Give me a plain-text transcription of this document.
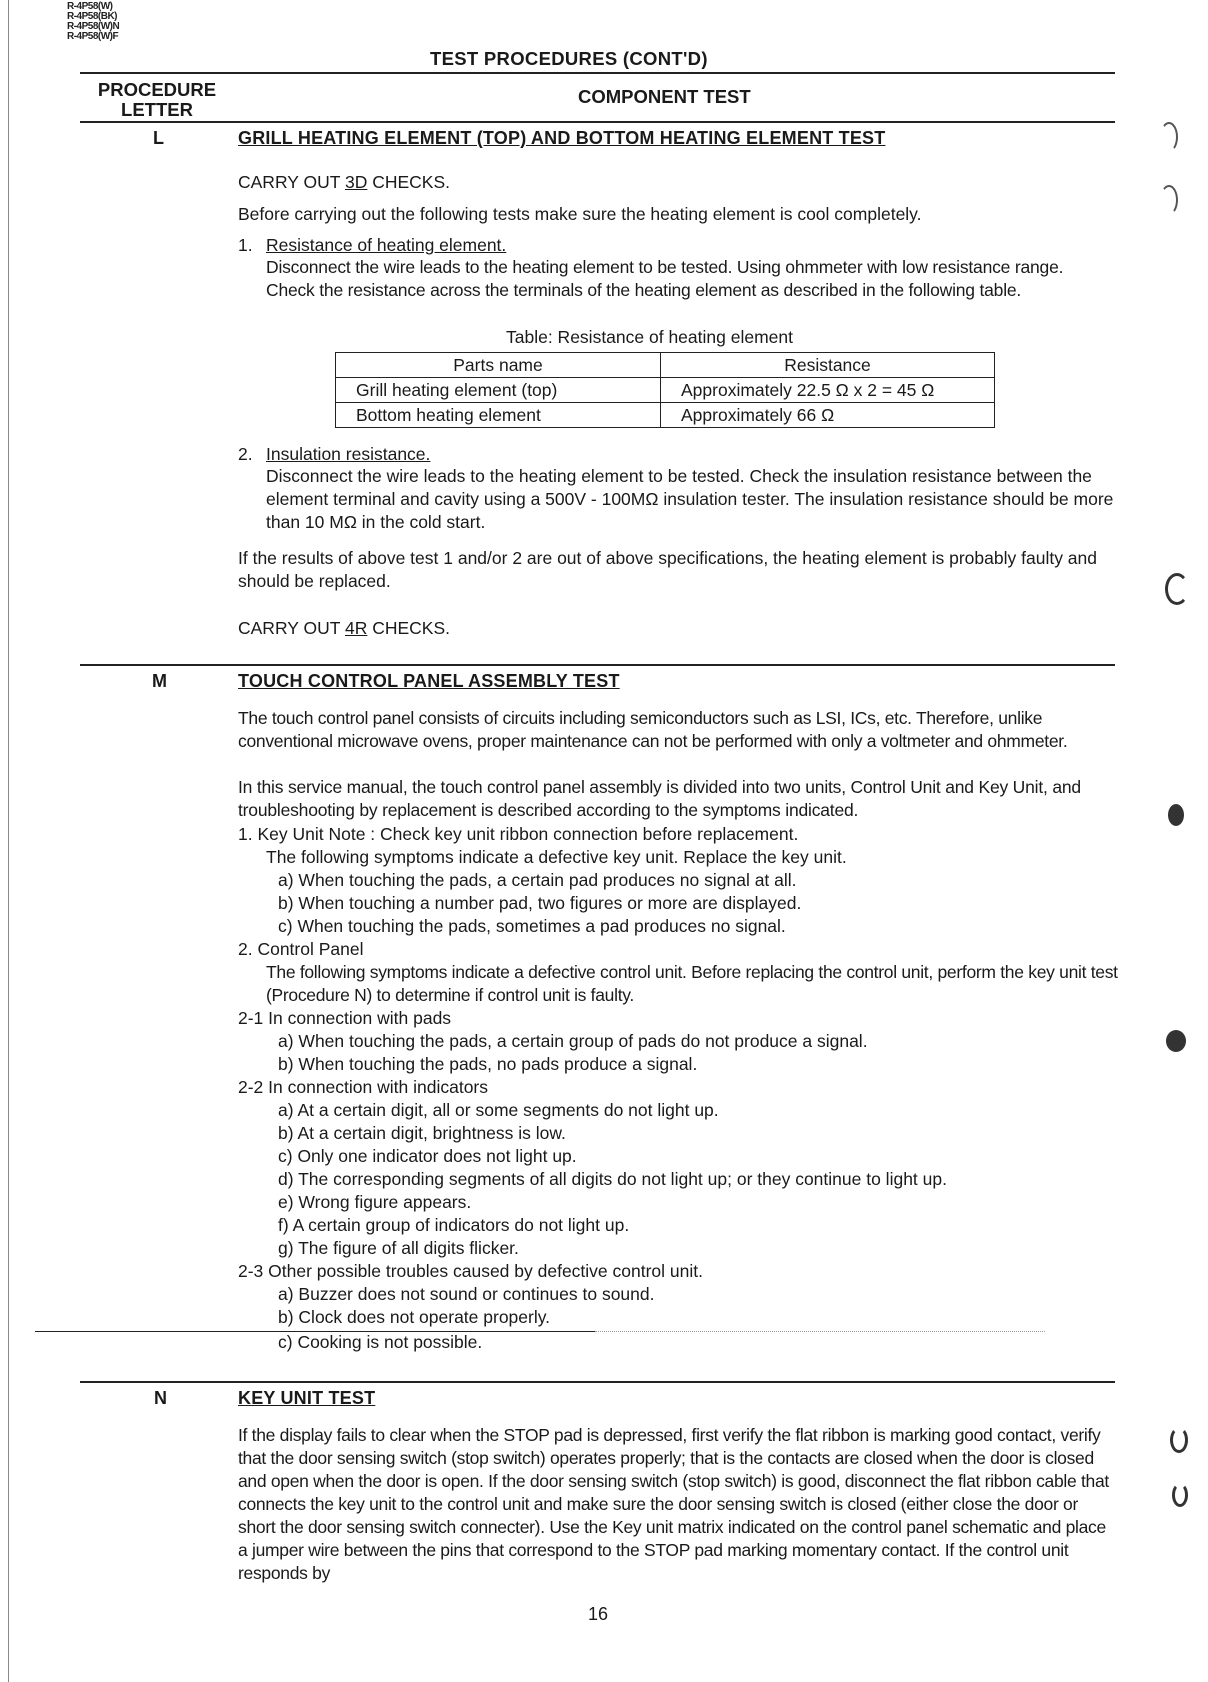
R-4P58(W)
R-4P58(BK)
R-4P58(W)N
R-4P58(W)F
TEST PROCEDURES (CONT'D)
PROCEDURE
LETTER
COMPONENT TEST
L	GRILL HEATING ELEMENT (TOP) AND BOTTOM HEATING ELEMENT TEST
CARRY OUT 3D CHECKS.
Before carrying out the following tests make sure the heating element is cool completely.
1. Resistance of heating element.
Disconnect the wire leads to the heating element to be tested. Using ohmmeter with low resistance range. Check the resistance across the terminals of the heating element as described in the following table.
Table: Resistance of heating element
Parts name	Resistance
Grill heating element (top)	Approximately 22.5 Ω x 2 = 45 Ω
Bottom heating element	Approximately 66 Ω
2. Insulation resistance.
Disconnect the wire leads to the heating element to be tested. Check the insulation resistance between the element terminal and cavity using a 500V - 100MΩ insulation tester. The insulation resistance should be more than 10 MΩ in the cold start.
If the results of above test 1 and/or 2 are out of above specifications, the heating element is probably faulty and should be replaced.
CARRY OUT 4R CHECKS.
M	TOUCH CONTROL PANEL ASSEMBLY TEST
The touch control panel consists of circuits including semiconductors such as LSI, ICs, etc. Therefore, unlike conventional microwave ovens, proper maintenance can not be performed with only a voltmeter and ohmmeter.
In this service manual, the touch control panel assembly is divided into two units, Control Unit and Key Unit, and troubleshooting by replacement is described according to the symptoms indicated.
1. Key Unit Note : Check key unit ribbon connection before replacement.
The following symptoms indicate a defective key unit. Replace the key unit.
a) When touching the pads, a certain pad produces no signal at all.
b) When touching a number pad, two figures or more are displayed.
c) When touching the pads, sometimes a pad produces no signal.
2. Control Panel
The following symptoms indicate a defective control unit. Before replacing the control unit, perform the key unit test (Procedure N) to determine if control unit is faulty.
2-1 In connection with pads
a) When touching the pads, a certain group of pads do not produce a signal.
b) When touching the pads, no pads produce a signal.
2-2 In connection with indicators
a) At a certain digit, all or some segments do not light up.
b) At a certain digit, brightness is low.
c) Only one indicator does not light up.
d) The corresponding segments of all digits do not light up; or they continue to light up.
e) Wrong figure appears.
f) A certain group of indicators do not light up.
g) The figure of all digits flicker.
2-3 Other possible troubles caused by defective control unit.
a) Buzzer does not sound or continues to sound.
b) Clock does not operate properly.
c) Cooking is not possible.
N	KEY UNIT TEST
If the display fails to clear when the STOP pad is depressed, first verify the flat ribbon is marking good contact, verify that the door sensing switch (stop switch) operates properly; that is the contacts are closed when the door is closed and open when the door is open. If the door sensing switch (stop switch) is good, disconnect the flat ribbon cable that connects the key unit to the control unit and make sure the door sensing switch is closed (either close the door or short the door sensing switch connecter). Use the Key unit matrix indicated on the control panel schematic and place a jumper wire between the pins that correspond to the STOP pad marking momentary contact. If the control unit responds by
16
